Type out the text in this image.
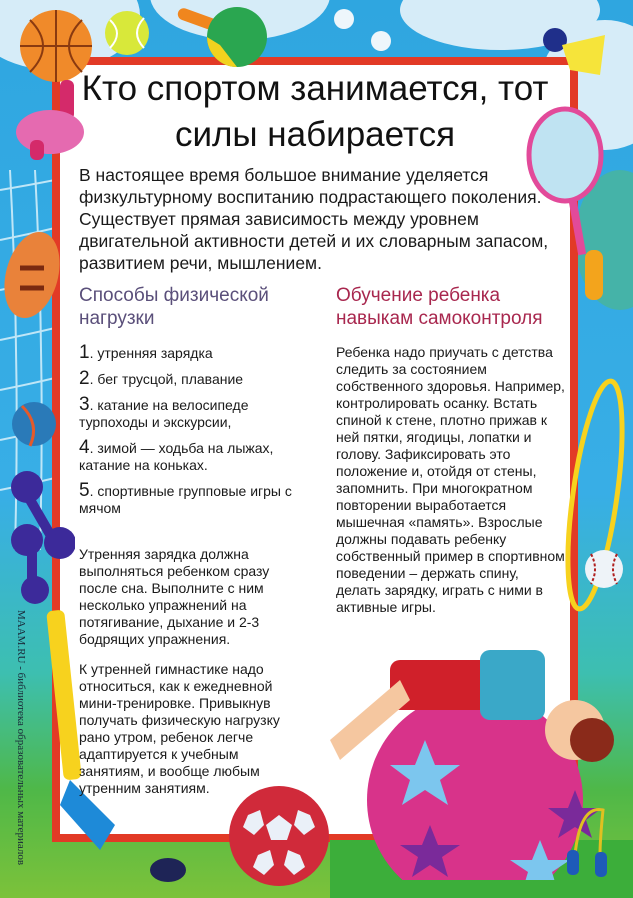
Кто спортом занимается, тот силы набирается
В настоящее время большое внимание уделяется физкультурному воспитанию подрастающего поколения. Существует прямая зависимость между уровнем двигательной активности детей и их словарным запасом, развитием речи, мышлением.
Способы физической нагрузки
Обучение ребенка навыкам самоконтроля
1. утренняя зарядка
2. бег трусцой, плавание
3. катание на велосипеде турпоходы и экскурсии,
4. зимой — ходьба на лыжах, катание на коньках.
5. спортивные групповые игры с мячом
Утренняя зарядка должна выполняться ребенком сразу после сна. Выполните с ним несколько упражнений на потягивание, дыхание и 2-3 бодрящих упражнения.
К утренней гимнастике надо относиться, как к ежедневной мини-тренировке. Привыкнув получать физическую нагрузку рано утром, ребенок легче адаптируется к учебным занятиям, и вообще любым утренним занятиям.
Ребенка надо приучать с детства следить за состоянием собственного здоровья. Например, контролировать осанку. Встать спиной к стене, плотно прижав к ней пятки, ягодицы, лопатки и голову. Зафиксировать это положение и, отойдя от стены, запомнить. При многократном повторении выработается мышечная «память». Взрослые должны подавать ребенку собственный пример в спортивном поведении – держать спину, делать зарядку, играть с ними в активные игры.
MAAM.RU - библиотека образовательных материалов
